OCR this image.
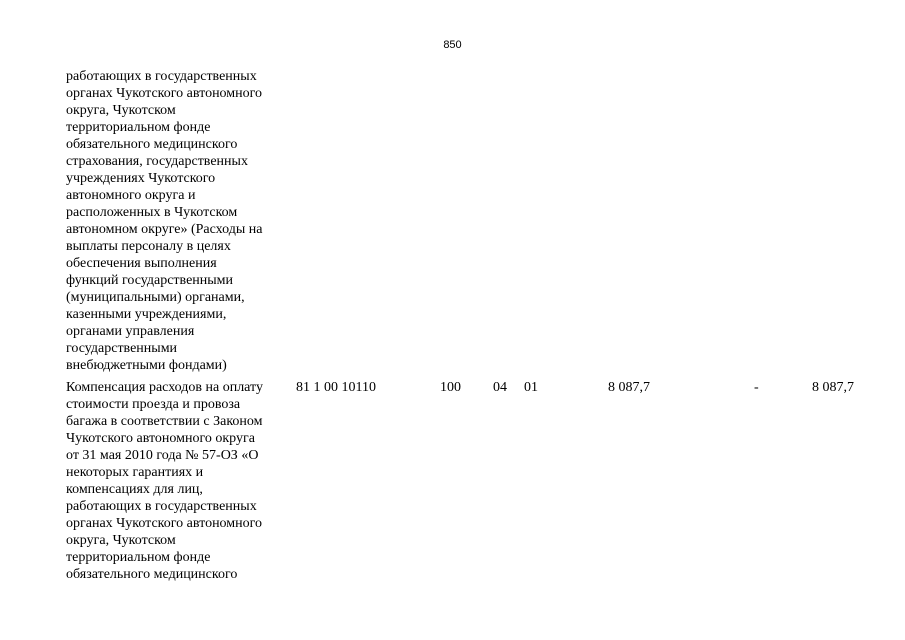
850
работающих в государственных
органах Чукотского автономного
округа, Чукотском
территориальном фонде
обязательного медицинского
страхования, государственных
учреждениях Чукотского
автономного округа и
расположенных в Чукотском
автономном округе» (Расходы на
выплаты персоналу в целях
обеспечения выполнения
функций государственными
(муниципальными) органами,
казенными учреждениями,
органами управления
государственными
внебюджетными фондами)
Компенсация расходов на оплату
стоимости проезда и провоза
багажа в соответствии с Законом
Чукотского автономного округа
от 31 мая 2010 года № 57-ОЗ «О
некоторых гарантиях и
компенсациях для лиц,
работающих в государственных
органах Чукотского автономного
округа, Чукотском
территориальном фонде
обязательного медицинского
81 1 00 10110	100 04 01	8 087,7	-	8 087,7
